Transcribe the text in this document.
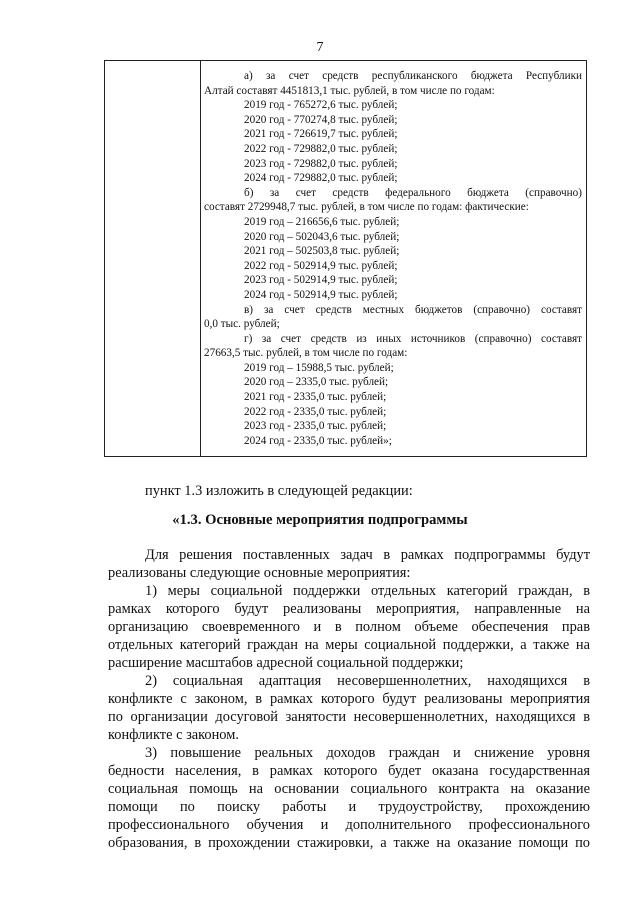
7

а) за счет средств республиканского бюджета Республики

Алтай составят 4451813,1 тыс. рублей, в том числе по годам:

2019 год - 765272,6 тыс. рублей;

2020 год - 770274,8 тыс. рублей;

2021 год - 726619,7 тыс. рублей;

2022 год - 729882,0 тыс. рублей;

2023 год - 729882,0 тыс. рублей;

2024 год - 729882,0 тыс. рублей;

б) за счет средств федерального бюджета (справочно)

составят 2729948,7 тыс. рублей, в том числе по годам: фактические:

2019 год – 216656,6 тыс. рублей;

2020 год – 502043,6 тыс. рублей;

2021 год – 502503,8 тыс. рублей;

2022 год - 502914,9 тыс. рублей;

2023 год - 502914,9 тыс. рублей;

2024 год - 502914,9 тыс. рублей;

в) за счет средств местных бюджетов (справочно) составят

0,0 тыс. рублей;

г) за счет средств из иных источников (справочно) составят

27663,5 тыс. рублей, в том числе по годам:

2019 год – 15988,5 тыс. рублей;

2020 год – 2335,0 тыс. рублей;

2021 год - 2335,0 тыс. рублей;

2022 год - 2335,0 тыс. рублей;

2023 год - 2335,0 тыс. рублей;

2024 год - 2335,0 тыс. рублей»;

пункт 1.3 изложить в следующей редакции:
«1.3. Основные мероприятия подпрограммы

Для решения поставленных задач в рамках подпрограммы будут

реализованы следующие основные мероприятия:

1) меры социальной поддержки отдельных категорий граждан, в

рамках которого будут реализованы мероприятия, направленные на

организацию своевременного и в полном объеме обеспечения прав

отдельных категорий граждан на меры социальной поддержки, а также на

расширение масштабов адресной социальной поддержки;

2) социальная адаптация несовершеннолетних, находящихся в

конфликте с законом, в рамках которого будут реализованы мероприятия

по организации досуговой занятости несовершеннолетних, находящихся в

конфликте с законом.

3) повышение реальных доходов граждан и снижение уровня

бедности населения, в рамках которого будет оказана государственная

социальная помощь на основании социального контракта на оказание

помощи по поиску работы и трудоустройству, прохождению

профессионального обучения и дополнительного профессионального

образования, в прохождении стажировки, а также на оказание помощи по
